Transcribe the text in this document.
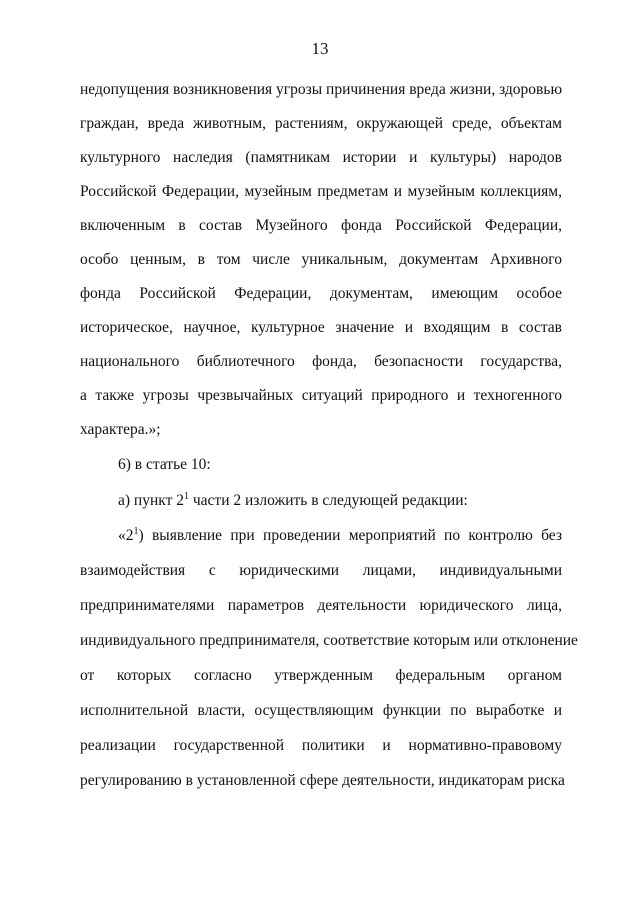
13
недопущения возникновения угрозы причинения вреда жизни, здоровью
граждан, вреда животным, растениям, окружающей среде, объектам
культурного наследия (памятникам истории и культуры) народов
Российской Федерации, музейным предметам и музейным коллекциям,
включенным в состав Музейного фонда Российской Федерации,
особо ценным, в том числе уникальным, документам Архивного
фонда Российской Федерации, документам, имеющим особое
историческое, научное, культурное значение и входящим в состав
национального библиотечного фонда, безопасности государства,
а также угрозы чрезвычайных ситуаций природного и техногенного
характера.»;
6) в статье 10:
а) пункт $2^1$ части 2 изложить в следующей редакции:
«$2^1$) выявление при проведении мероприятий по контролю без
взаимодействия с юридическими лицами, индивидуальными
предпринимателями параметров деятельности юридического лица,
индивидуального предпринимателя, соответствие которым или отклонение
от которых согласно утвержденным федеральным органом
исполнительной власти, осуществляющим функции по выработке и
реализации государственной политики и нормативно-правовому
регулированию в установленной сфере деятельности, индикаторам риска
